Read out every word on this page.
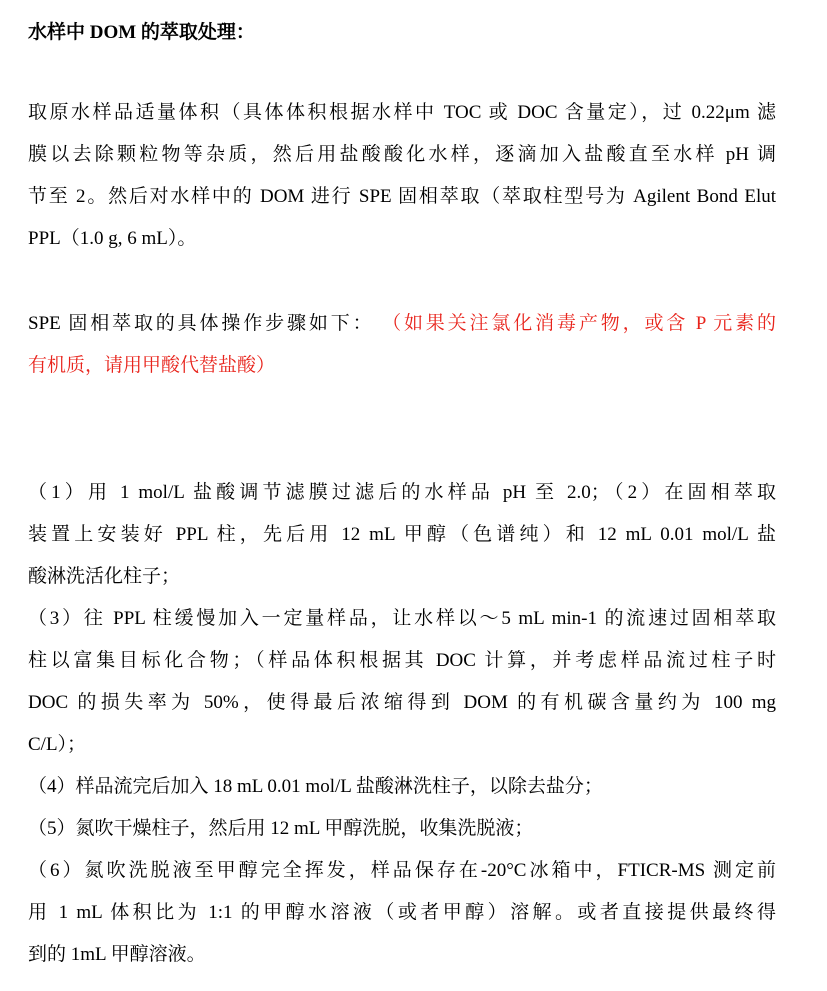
水样中 DOM 的萃取处理：
取原水样品适量体积（具体体积根据水样中 TOC 或 DOC 含量定），过 0.22μm 滤
膜以去除颗粒物等杂质，然后用盐酸酸化水样，逐滴加入盐酸直至水样 pH 调
节至 2。然后对水样中的 DOM 进行 SPE 固相萃取（萃取柱型号为 Agilent Bond Elut
PPL（1.0 g, 6 mL）。
SPE 固相萃取的具体操作步骤如下： （如果关注氯化消毒产物，或含 P 元素的
有机质，请用甲酸代替盐酸）
（1）用 1 mol/L 盐酸调节滤膜过滤后的水样品 pH 至 2.0；（2）在固相萃取
装置上安装好 PPL 柱，先后用 12 mL 甲醇（色谱纯）和 12 mL 0.01 mol/L 盐
酸淋洗活化柱子；
（3）往 PPL 柱缓慢加入一定量样品，让水样以～5 mL min-1 的流速过固相萃取
柱以富集目标化合物；（样品体积根据其 DOC 计算，并考虑样品流过柱子时
DOC 的损失率为 50%，使得最后浓缩得到 DOM 的有机碳含量约为 100 mg
C/L）；
（4）样品流完后加入 18 mL 0.01 mol/L 盐酸淋洗柱子，以除去盐分；
（5）氮吹干燥柱子，然后用 12 mL 甲醇洗脱，收集洗脱液；
（6）氮吹洗脱液至甲醇完全挥发，样品保存在-20°C冰箱中，FTICR-MS 测定前
用 1 mL 体积比为 1:1 的甲醇水溶液（或者甲醇）溶解。或者直接提供最终得
到的 1mL 甲醇溶液。
